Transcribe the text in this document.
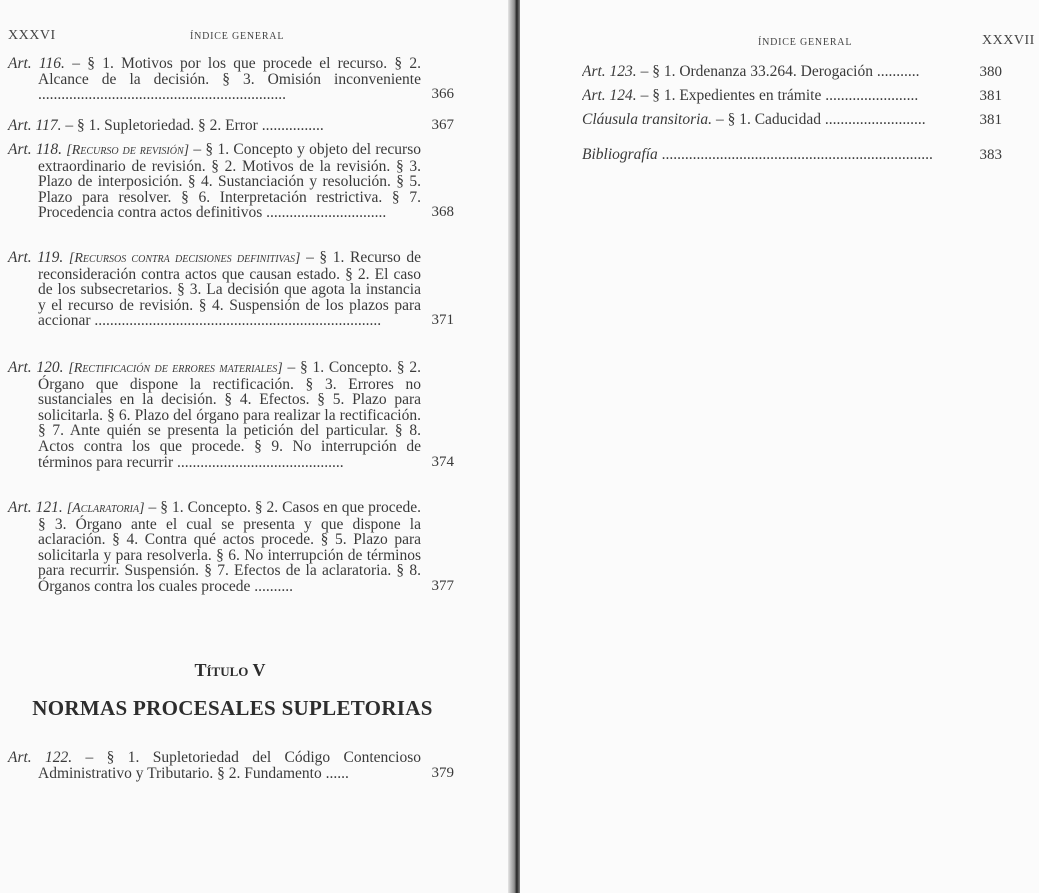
XXXVI	ÍNDICE GENERAL
Art. 116. – § 1. Motivos por los que procede el recurso. § 2. Alcance de la decisión. § 3. Omisión inconveniente ................................................................	366
Art. 117. – § 1. Supletoriedad. § 2. Error ................	367
Art. 118. [Recurso de revisión] – § 1. Concepto y objeto del recurso extraordinario de revisión. § 2. Motivos de la revisión. § 3. Plazo de interposición. § 4. Sustanciación y resolución. § 5. Plazo para resolver. § 6. Interpretación restrictiva. § 7. Procedencia contra actos definitivos ...............................	368
Art. 119. [Recursos contra decisiones definitivas] – § 1. Recurso de reconsideración contra actos que causan estado. § 2. El caso de los subsecretarios. § 3. La decisión que agota la instancia y el recurso de revisión. § 4. Suspensión de los plazos para accionar ..........................................................................	371
Art. 120. [Rectificación de errores materiales] – § 1. Concepto. § 2. Órgano que dispone la rectificación. § 3. Errores no sustanciales en la decisión. § 4. Efectos. § 5. Plazo para solicitarla. § 6. Plazo del órgano para realizar la rectificación. § 7. Ante quién se presenta la petición del particular. § 8. Actos contra los que procede. § 9. No interrupción de términos para recurrir ...........................................	374
Art. 121. [Aclaratoria] – § 1. Concepto. § 2. Casos en que procede. § 3. Órgano ante el cual se presenta y que dispone la aclaración. § 4. Contra qué actos procede. § 5. Plazo para solicitarla y para resolverla. § 6. No interrupción de términos para recurrir. Suspensión. § 7. Efectos de la aclaratoria. § 8. Órganos contra los cuales procede ..........	377
Título V
NORMAS PROCESALES SUPLETORIAS
Art. 122. – § 1. Supletoriedad del Código Contencioso Administrativo y Tributario. § 2. Fundamento ......	379
ÍNDICE GENERAL	XXXVII
Art. 123. – § 1. Ordenanza 33.264. Derogación ...........	380
Art. 124. – § 1. Expedientes en trámite ........................	381
Cláusula transitoria. – § 1. Caducidad ..........................	381
Bibliografía ......................................................................	383
